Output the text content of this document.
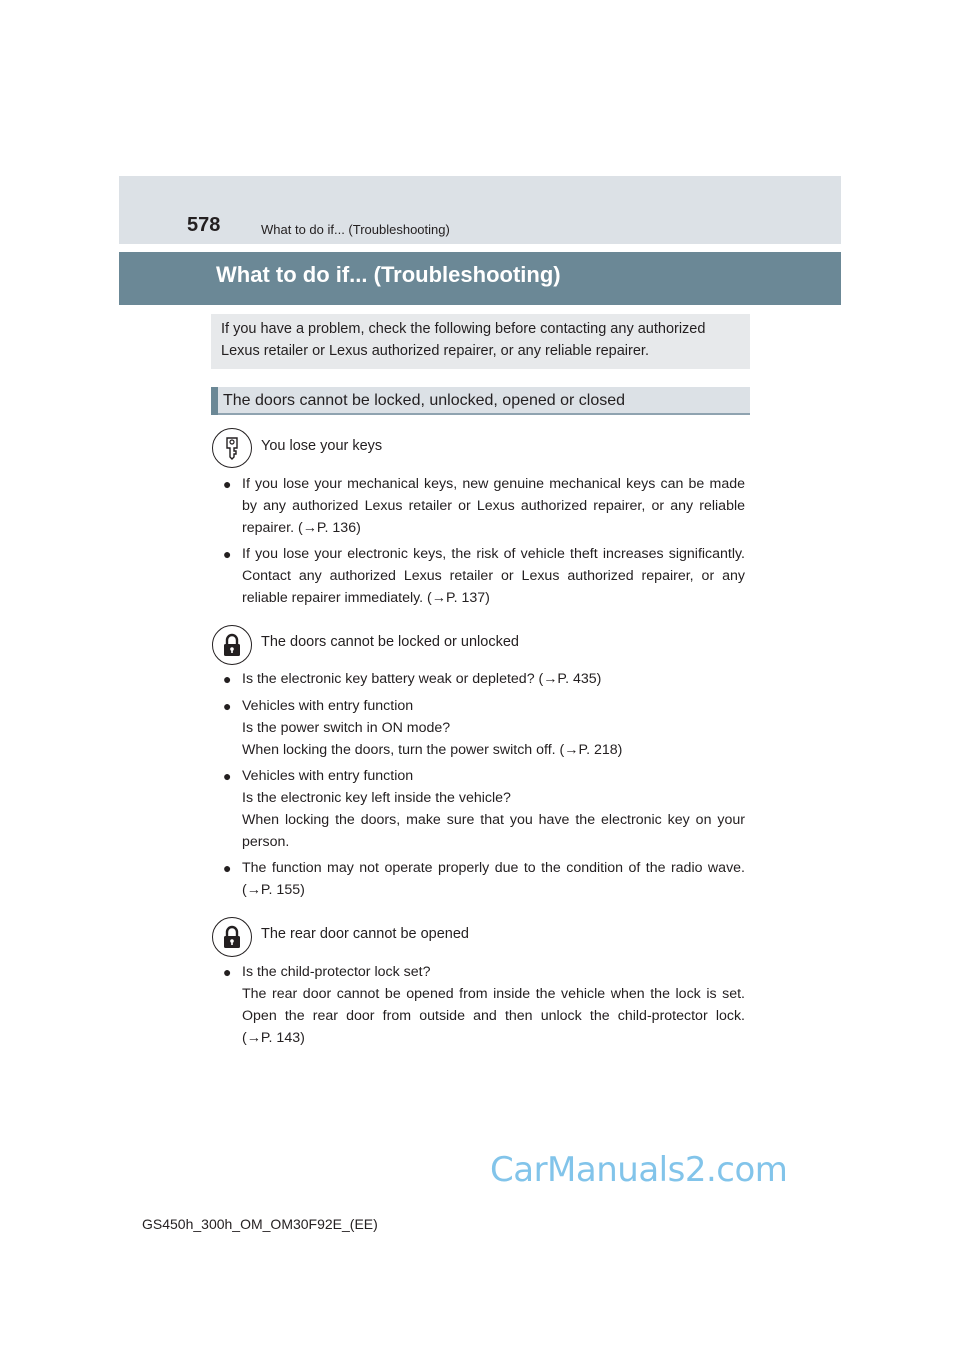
578	What to do if... (Troubleshooting)
What to do if... (Troubleshooting)
If you have a problem, check the following before contacting any authorized
Lexus retailer or Lexus authorized repairer, or any reliable repairer.
The doors cannot be locked, unlocked, opened or closed
You lose your keys
● If you lose your mechanical keys, new genuine mechanical keys can be made
by any authorized Lexus retailer or Lexus authorized repairer, or any reliable
repairer. (→P. 136)
● If you lose your electronic keys, the risk of vehicle theft increases significantly.
Contact any authorized Lexus retailer or Lexus authorized repairer, or any
reliable repairer immediately. (→P. 137)
The doors cannot be locked or unlocked
● Is the electronic key battery weak or depleted? (→P. 435)
● Vehicles with entry function
Is the power switch in ON mode?
When locking the doors, turn the power switch off. (→P. 218)
● Vehicles with entry function
Is the electronic key left inside the vehicle?
When locking the doors, make sure that you have the electronic key on your
person.
● The function may not operate properly due to the condition of the radio wave.
(→P. 155)
The rear door cannot be opened
● Is the child-protector lock set?
The rear door cannot be opened from inside the vehicle when the lock is set.
Open the rear door from outside and then unlock the child-protector lock.
(→P. 143)
CarManuals2.com
GS450h_300h_OM_OM30F92E_(EE)
